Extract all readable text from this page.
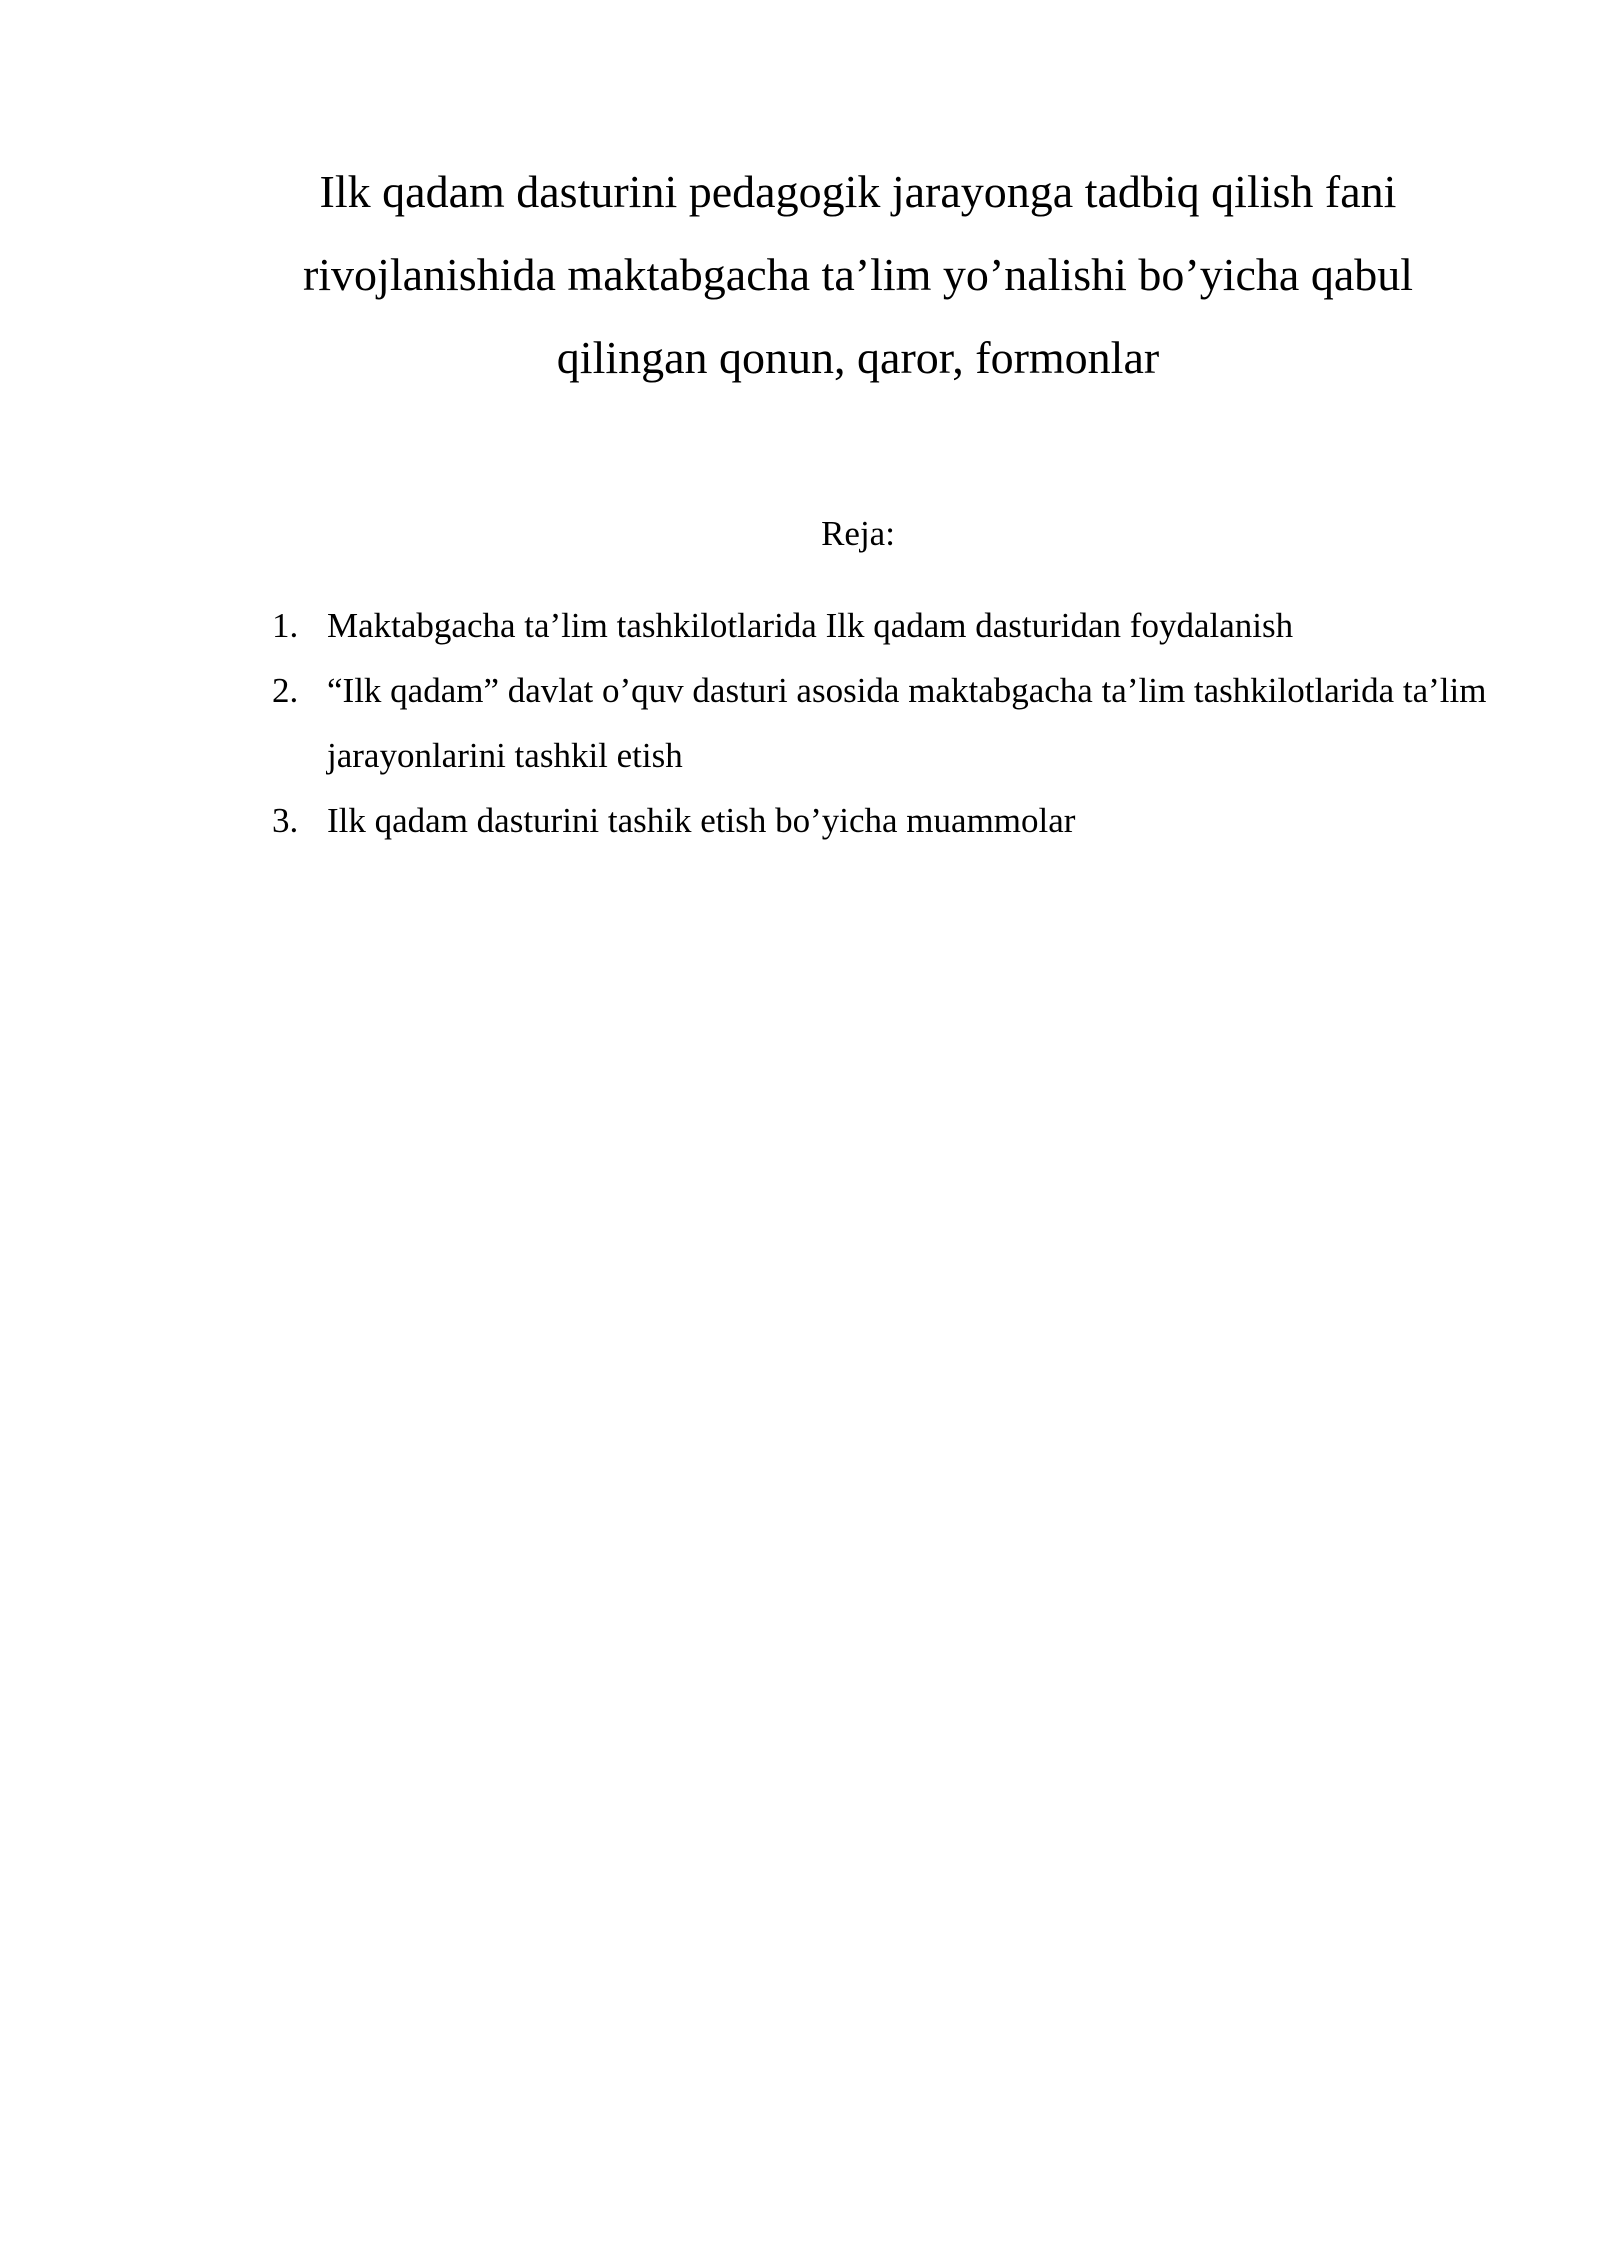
Ilk qadam dasturini pedagogik jarayonga tadbiq qilish fani rivojlanishida maktabgacha ta’lim yo’nalishi bo’yicha qabul qilingan qonun, qaror, formonlar
Reja:
1. Maktabgacha ta’lim tashkilotlarida Ilk qadam dasturidan foydalanish
2. “Ilk qadam” davlat o’quv dasturi asosida maktabgacha ta’lim tashkilotlarida ta’lim jarayonlarini tashkil etish
3. Ilk qadam dasturini tashik etish bo’yicha muammolar
